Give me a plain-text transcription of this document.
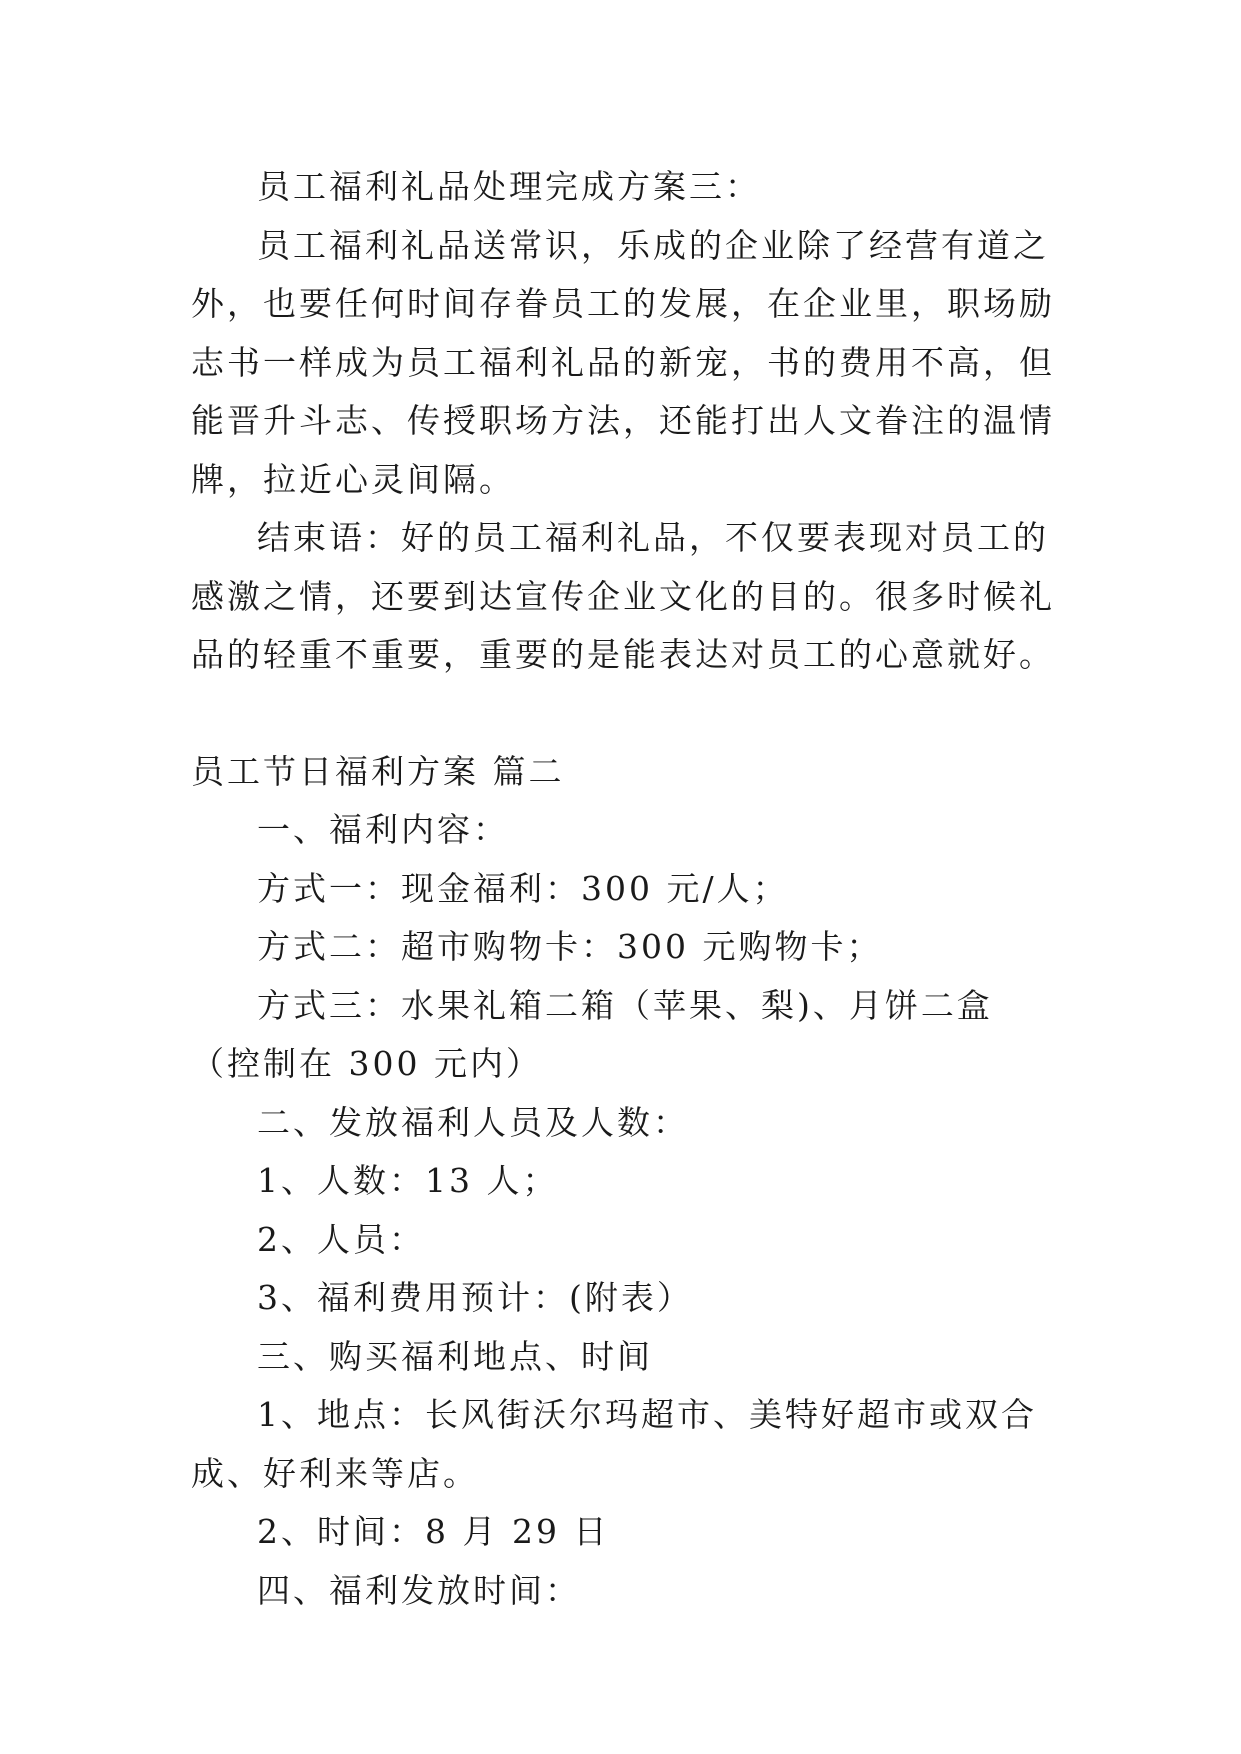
员工福利礼品处理完成方案三：

员工福利礼品送常识，乐成的企业除了经营有道之外，也要任何时间存眷员工的发展，在企业里，职场励志书一样成为员工福利礼品的新宠，书的费用不高，但能晋升斗志、传授职场方法，还能打出人文眷注的温情牌，拉近心灵间隔。

结束语：好的员工福利礼品，不仅要表现对员工的感激之情，还要到达宣传企业文化的目的。很多时候礼品的轻重不重要，重要的是能表达对员工的心意就好。

员工节日福利方案 篇二

一、福利内容：

方式一：现金福利：300 元/人；

方式二：超市购物卡：300 元购物卡；

方式三：水果礼箱二箱（苹果、梨)、月饼二盒（控制在 300 元内）

二、发放福利人员及人数：

1、人数：13 人；

2、人员：

3、福利费用预计：(附表）

三、购买福利地点、时间

1、地点：长风街沃尔玛超市、美特好超市或双合成、好利来等店。

2、时间：8 月 29 日

四、福利发放时间：
